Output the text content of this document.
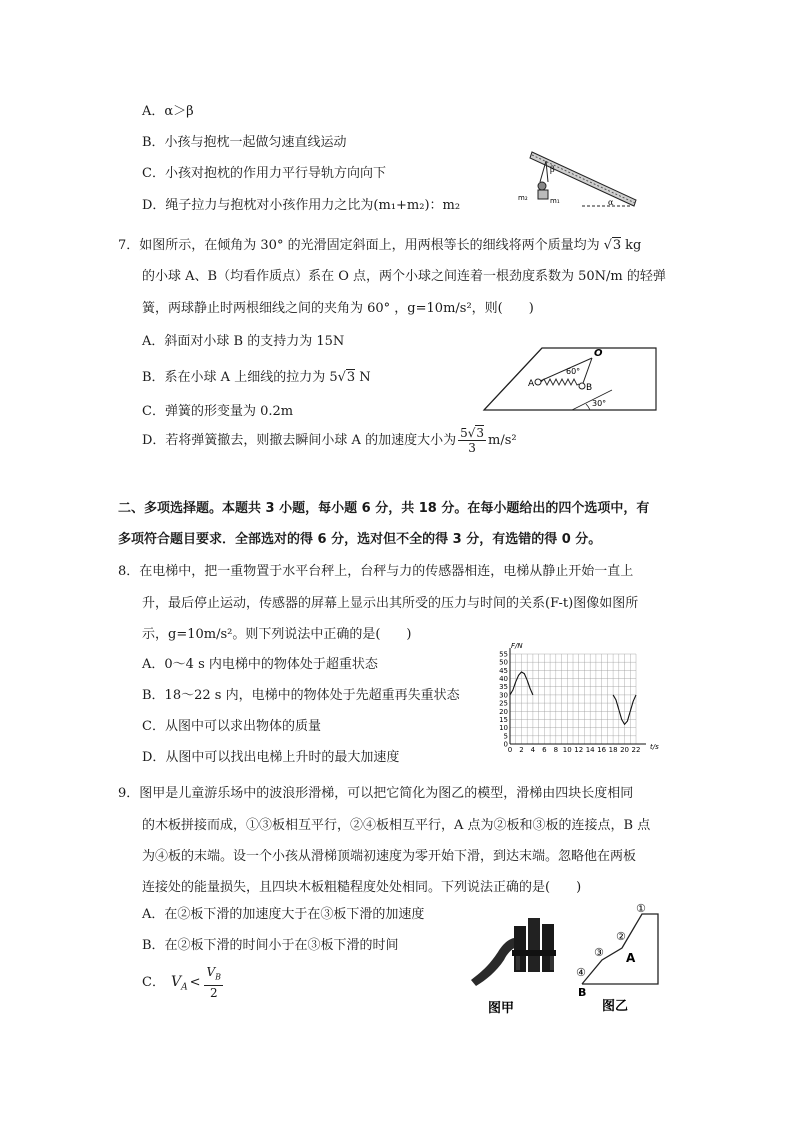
A．α＞β
B．小孩与抱枕一起做匀速直线运动
C．小孩对抱枕的作用力平行导轨方向向下
D．绳子拉力与抱枕对小孩作用力之比为(m₁+m₂)：m₂	m₂	m₁
β
α
7．如图所示，在倾角为 30° 的光滑固定斜面上，用两根等长的细线将两个质量均为 √3 kg
的小球 A、B（均看作质点）系在 O 点，两个小球之间连着一根劲度系数为 50N/m 的轻弹
簧，两球静止时两根细线之间的夹角为 60° ，g=10m/s²，则(　　)
A．斜面对小球 B 的支持力为 15N
B．系在小球 A 上细线的拉力为 5√3 N
C．弹簧的形变量为 0.2m
D．若将弹簧撤去，则撤去瞬间小球 A 的加速度大小为 $\frac{5√3}{3} m/s^2$
O
60°
A	B
30°
二、多项选择题。本题共 3 小题，每小题 6 分，共 18 分。在每小题给出的四个选项中，有
多项符合题目要求．全部选对的得 6 分，选对但不全的得 3 分，有选错的得 0 分。
8．在电梯中，把一重物置于水平台秤上，台秤与力的传感器相连，电梯从静止开始一直上
升，最后停止运动，传感器的屏幕上显示出其所受的压力与时间的关系(F-t)图像如图所
示，g=10m/s²。则下列说法中正确的是(　　)
A．0～4 s 内电梯中的物体处于超重状态
B．18～22 s 内，电梯中的物体处于先超重再失重状态
C．从图中可以求出物体的质量
D．从图中可以找出电梯上升时的最大加速度
0
5
10
15
20
25
30
35
40
45
50
55
0 2 4 6 8 10 12 14 16 18 20 22
F/N
t/s
9．图甲是儿童游乐场中的波浪形滑梯，可以把它简化为图乙的模型，滑梯由四块长度相同
的木板拼接而成，①③板相互平行，②④板相互平行，A 点为②板和③板的连接点，B 点
为④板的末端。设一个小孩从滑梯顶端初速度为零开始下滑，到达末端。忽略他在两板
连接处的能量损失，且四块木板粗糙程度处处相同。下列说法正确的是(　　)
A．在②板下滑的加速度大于在③板下滑的加速度
B．在②板下滑的时间小于在③板下滑的时间
C． $V_A < \frac{V_B}{2}$
图甲
B
A
④
③
②
①
图乙
